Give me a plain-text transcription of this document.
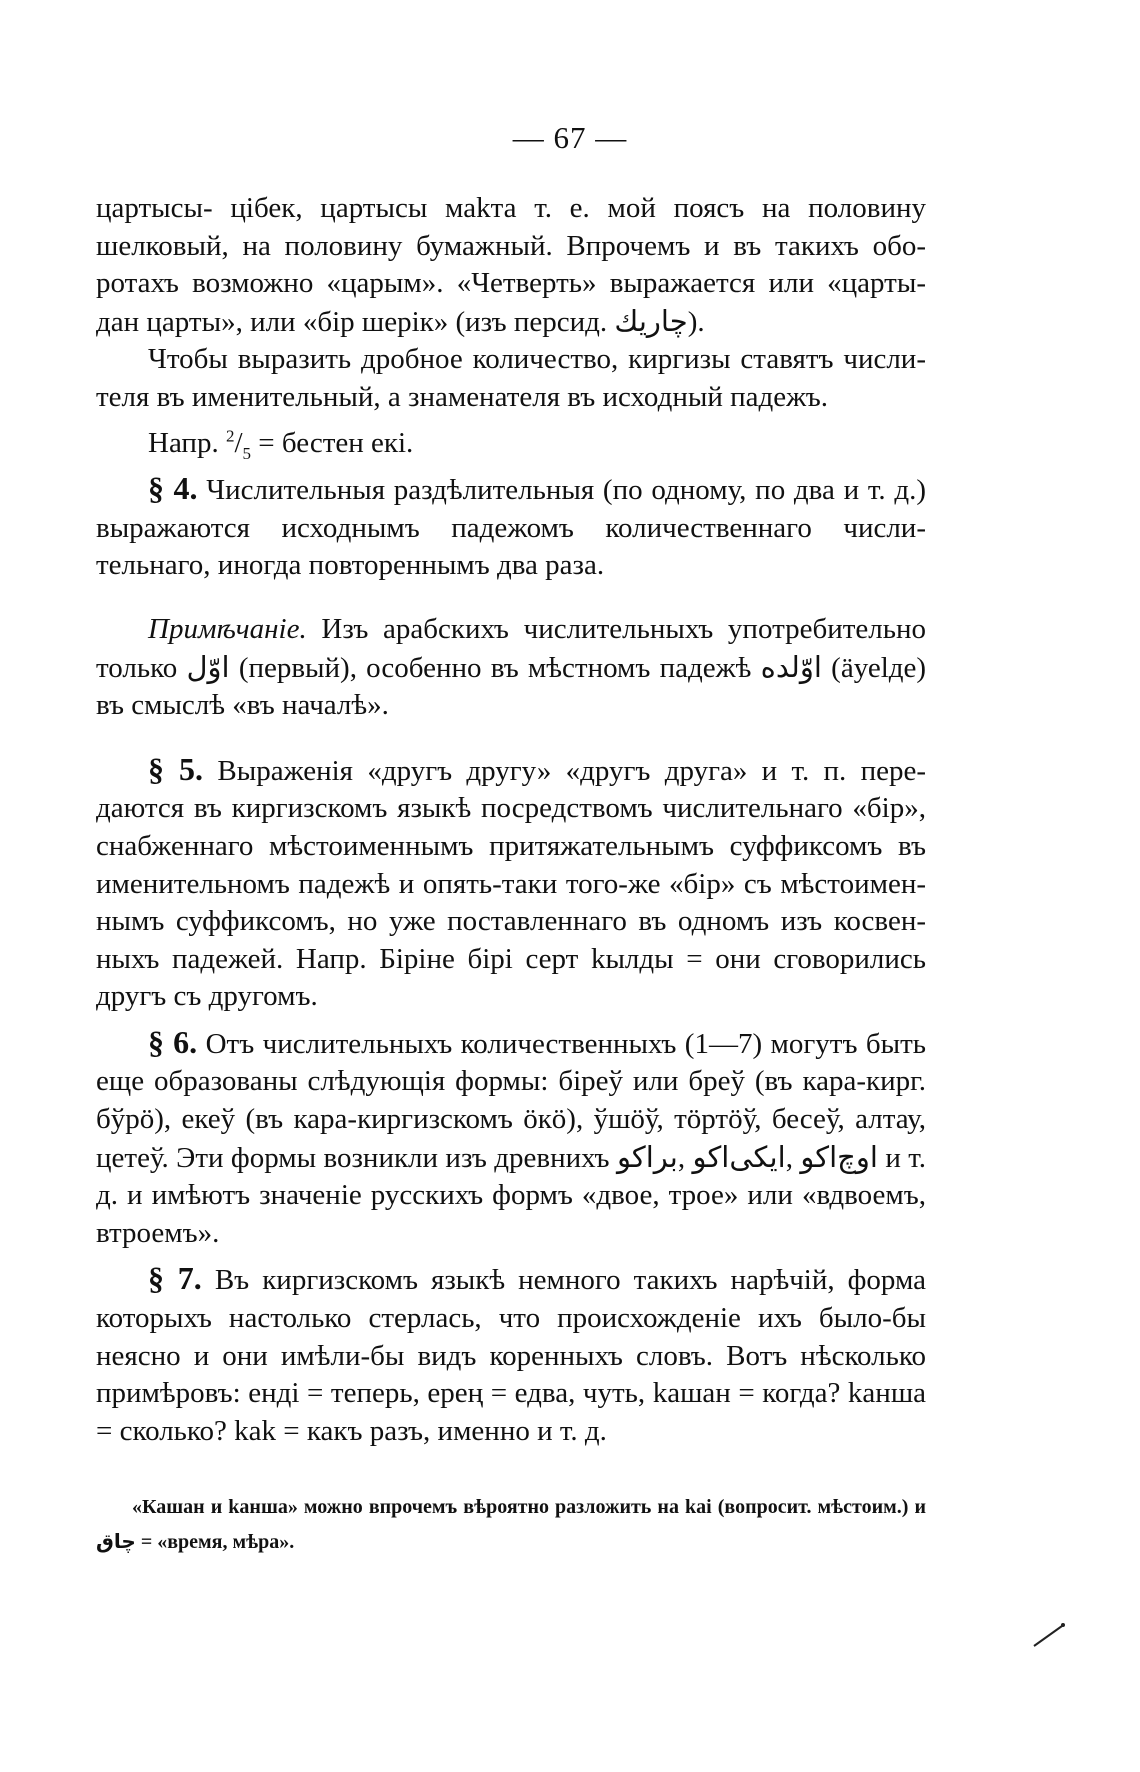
— 67 —

цартысы- цібек, цартысы маkта т. е. мой поясъ на половину шелковый, на половину бумажный. Впрочемъ и въ такихъ обо- ротахъ возможно «царым». «Четверть» выражается или «царты- дан царты», или «бір шерік» (изъ персид. چاریك).

Чтобы выразить дробное количество, киргизы ставятъ числи- теля въ именительный, а знаменателя въ исходный падежъ.

Напр. $^2/_5$ = бестен екі.

§ 4. Числительныя раздѣлительныя (по одному, по два и т. д.) выражаются исходнымъ падежомъ количественнаго числи- тельнаго, иногда повтореннымъ два раза.

Примѣчаніе. Изъ арабскихъ числительныхъ употребительно только اوّل (первый), особенно въ мѣстномъ падежѣ اوّلده (äуеlде) въ смыслѣ «въ началѣ».

§ 5. Выраженія «другъ другу» «другъ друга» и т. п. пере- даются въ киргизскомъ языкѣ посредствомъ числительнаго «бір», снабженнаго мѣстоименнымъ притяжательнымъ суффиксомъ въ именительномъ падежѣ и опять-таки того-же «бір» съ мѣстоимен- нымъ суффиксомъ, но уже поставленнаго въ одномъ изъ косвен- ныхъ падежей. Напр. Біріне бірі серт kылды = они сговорились другъ съ другомъ.

§ 6. Отъ числительныхъ количественныхъ (1—7) могутъ быть еще образованы слѣдующія формы: біреў или бреў (въ кара-кирг. бўрö), екеў (въ кара-киргизскомъ öкö), ўшöў, тöртöў, бесеў, алтау, цетеў. Эти формы возникли изъ древнихъ براكو, ایکی‌اکو, اوچ‌اکو и т. д. и имѣютъ значеніе русскихъ формъ «двое, трое» или «вдвоемъ, втроемъ».

§ 7. Въ киргизскомъ языкѣ немного такихъ нарѣчій, форма которыхъ настолько стерлась, что происхожденіе ихъ было-бы неясно и они имѣли-бы видъ коренныхъ словъ. Вотъ нѣсколько примѣровъ: енді = теперь, ерең = едва, чуть, kашан = когда? kанша = сколько? kаk = какъ разъ, именно и т. д.

«Кашан и kанша» можно впрочемъ вѣроятно разложить на kаі (вопросит. мѣстоим.) и چاق = «время, мѣра».
